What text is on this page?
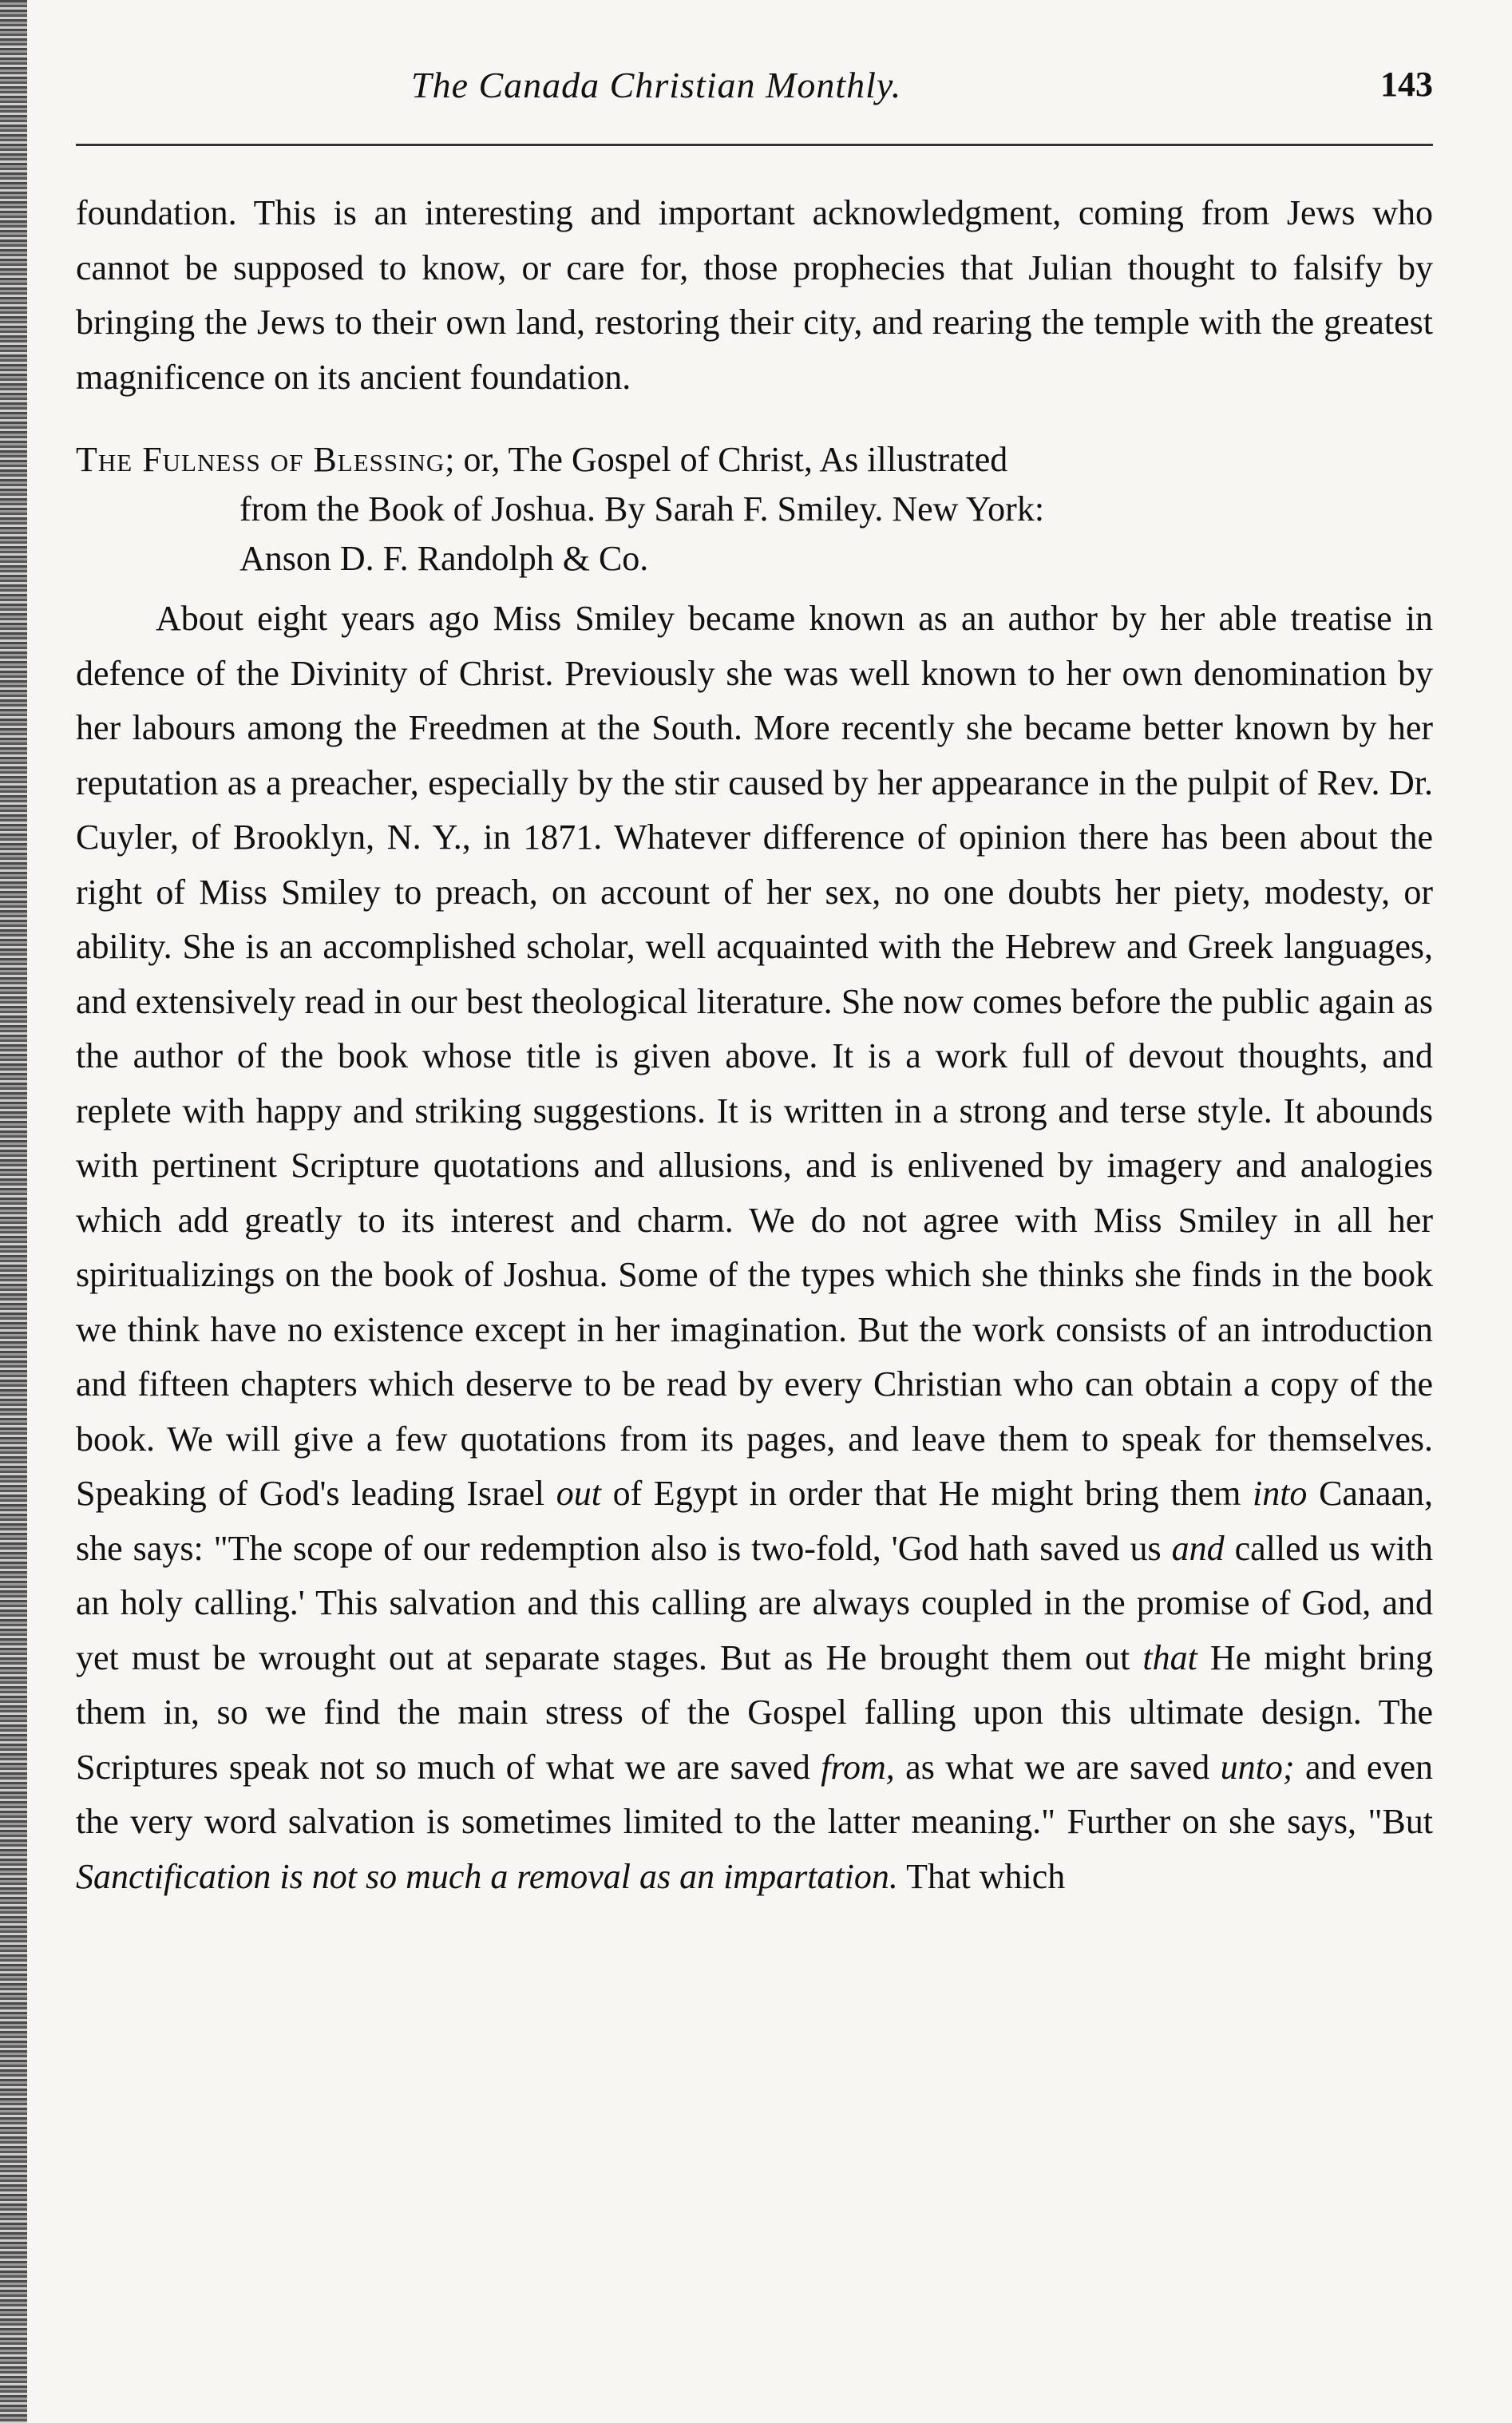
The Canada Christian Monthly.	143

foundation. This is an interesting and important acknowledgment, coming from Jews who cannot be supposed to know, or care for, those prophecies that Julian thought to falsify by bringing the Jews to their own land, restoring their city, and rearing the temple with the greatest magnificence on its ancient foundation.

The Fulness of Blessing; or, The Gospel of Christ, As illustrated
from the Book of Joshua. By Sarah F. Smiley. New York:
Anson D. F. Randolph & Co.

About eight years ago Miss Smiley became known as an author by her able treatise in defence of the Divinity of Christ. Previously she was well known to her own denomination by her labours among the Freedmen at the South. More recently she became better known by her reputation as a preacher, especially by the stir caused by her appearance in the pulpit of Rev. Dr. Cuyler, of Brooklyn, N. Y., in 1871. Whatever difference of opinion there has been about the right of Miss Smiley to preach, on account of her sex, no one doubts her piety, modesty, or ability. She is an accomplished scholar, well acquainted with the Hebrew and Greek languages, and extensively read in our best theological literature. She now comes before the public again as the author of the book whose title is given above. It is a work full of devout thoughts, and replete with happy and striking suggestions. It is written in a strong and terse style. It abounds with pertinent Scripture quotations and allusions, and is enlivened by imagery and analogies which add greatly to its interest and charm. We do not agree with Miss Smiley in all her spiritualizings on the book of Joshua. Some of the types which she thinks she finds in the book we think have no existence except in her imagination. But the work consists of an introduction and fifteen chapters which deserve to be read by every Christian who can obtain a copy of the book. We will give a few quotations from its pages, and leave them to speak for themselves. Speaking of God's leading Israel out of Egypt in order that He might bring them into Canaan, she says: "The scope of our redemption also is two-fold, 'God hath saved us and called us with an holy calling.' This salvation and this calling are always coupled in the promise of God, and yet must be wrought out at separate stages. But as He brought them out that He might bring them in, so we find the main stress of the Gospel falling upon this ultimate design. The Scriptures speak not so much of what we are saved from, as what we are saved unto; and even the very word salvation is sometimes limited to the latter meaning." Further on she says, "But Sanctification is not so much a removal as an impartation. That which
